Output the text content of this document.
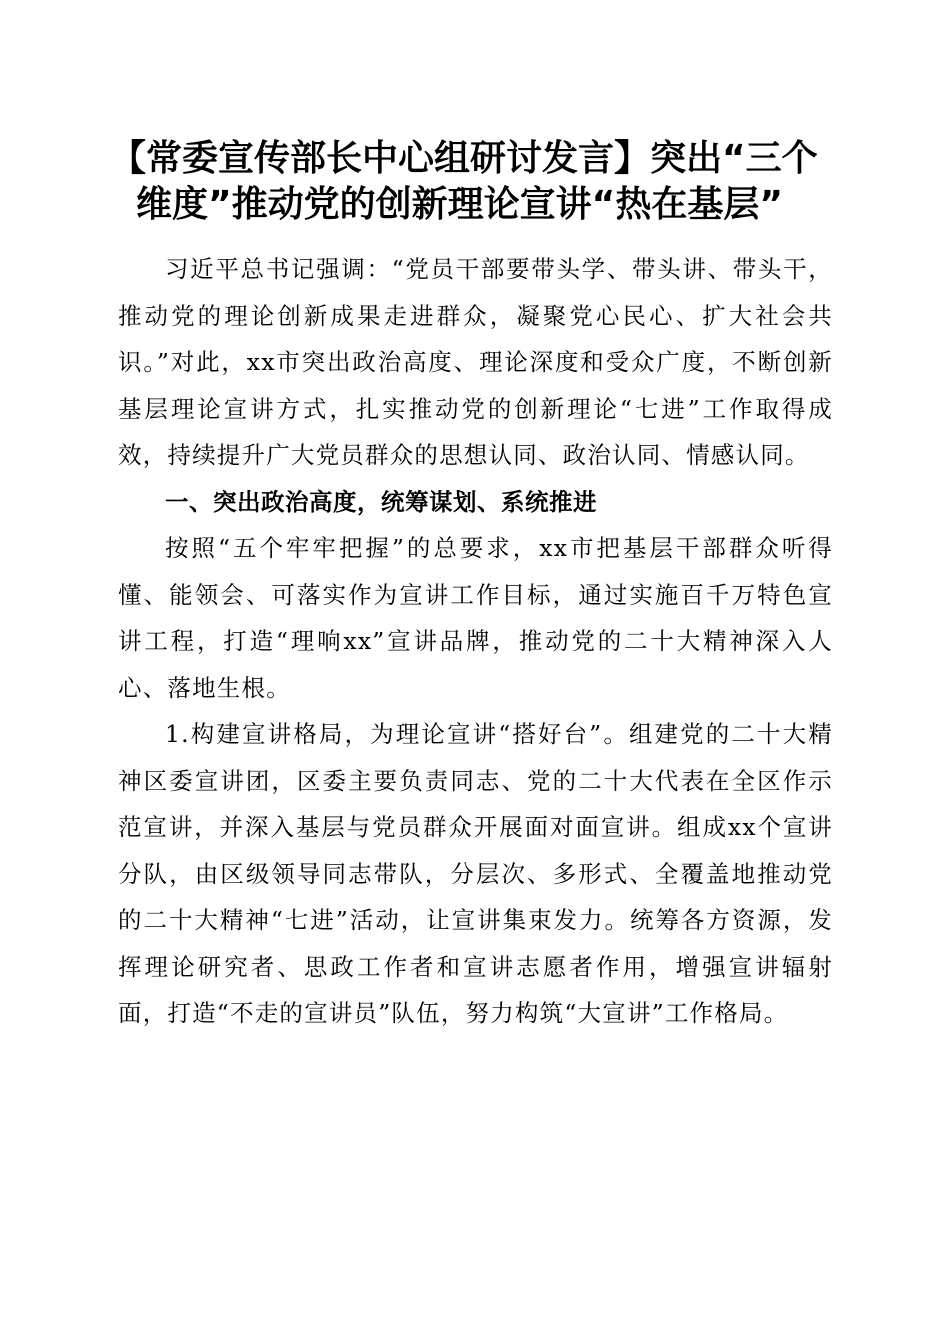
【常委宣传部长中心组研讨发言】突出“三个
维度”推动党的创新理论宣讲“热在基层”

习近平总书记强调：“党员干部要带头学、带头讲、带头干，推动党的理论创新成果走进群众，凝聚党心民心、扩大社会共识。”对此，xx市突出政治高度、理论深度和受众广度，不断创新基层理论宣讲方式，扎实推动党的创新理论“七进”工作取得成效，持续提升广大党员群众的思想认同、政治认同、情感认同。

一、突出政治高度，统筹谋划、系统推进

按照“五个牢牢把握”的总要求，xx市把基层干部群众听得懂、能领会、可落实作为宣讲工作目标，通过实施百千万特色宣讲工程，打造“理响xx”宣讲品牌，推动党的二十大精神深入人心、落地生根。

1.构建宣讲格局，为理论宣讲“搭好台”。组建党的二十大精神区委宣讲团，区委主要负责同志、党的二十大代表在全区作示范宣讲，并深入基层与党员群众开展面对面宣讲。组成xx个宣讲分队，由区级领导同志带队，分层次、多形式、全覆盖地推动党的二十大精神“七进”活动，让宣讲集束发力。统筹各方资源，发挥理论研究者、思政工作者和宣讲志愿者作用，增强宣讲辐射面，打造“不走的宣讲员”队伍，努力构筑“大宣讲”工作格局。
